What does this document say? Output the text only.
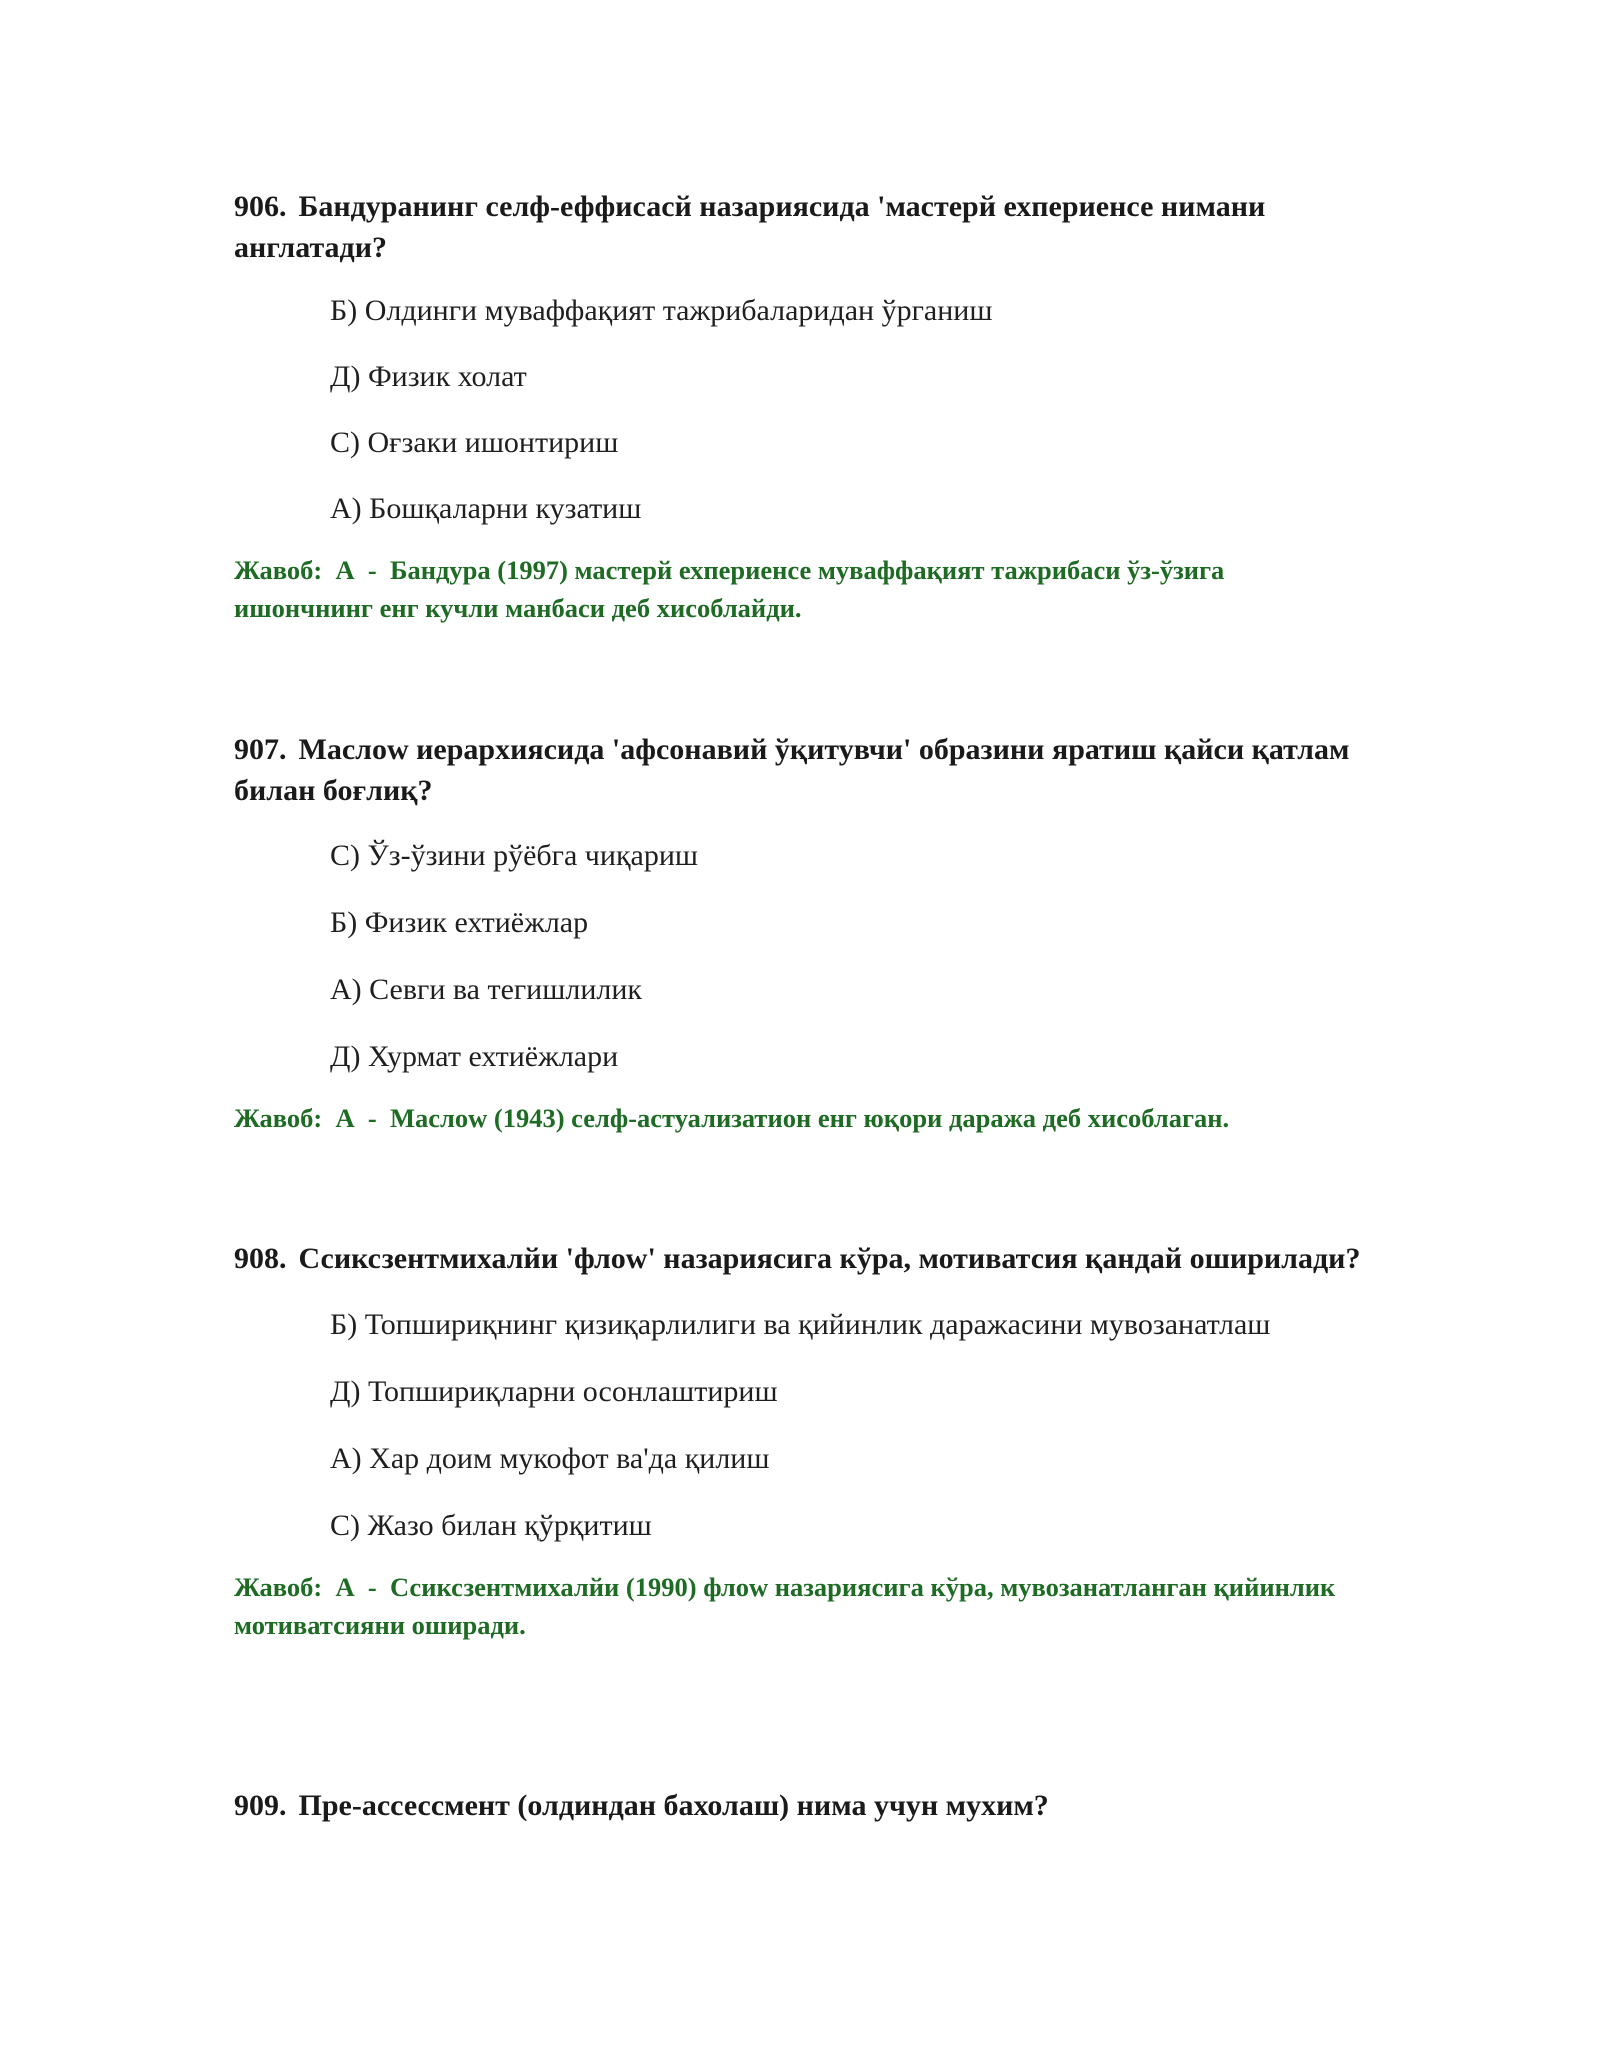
906. Бандуранинг селф-еффисасй назариясида 'мастерй ехпериенсе нимани англатади?

Б) Олдинги муваффақият тажрибаларидан ўрганиш
Д) Физик холат
С) Оғзаки ишонтириш
А) Бошқаларни кузатиш

Жавоб: А  -  Бандура (1997) мастерй ехпериенсе муваффақият тажрибаси ўз-ўзига ишончнинг енг кучли манбаси деб хисоблайди.

907. Маслоw иерархиясида 'афсонавий ўқитувчи' образини яратиш қайси қатлам билан боғлиқ?

С) Ўз-ўзини рўёбга чиқариш
Б) Физик ехтиёжлар
А) Севги ва тегишлилик
Д) Хурмат ехтиёжлари

Жавоб: А  -  Маслоw (1943) селф-астуализатион енг юқори даража деб хисоблаган.

908. Ссиксзентмихалйи 'флоw' назариясига кўра, мотиватсия қандай оширилади?

Б) Топшириқнинг қизиқарлилиги ва қийинлик даражасини мувозанатлаш
Д) Топшириқларни осонлаштириш
А) Хар доим мукофот ва'да қилиш
С) Жазо билан қўрқитиш

Жавоб: А  -  Ссиксзентмихалйи (1990) флоw назариясига кўра, мувозанатланган қийинлик мотиватсияни оширади.

909. Пре-ассессмент (олдиндан бахолаш) нима учун мухим?
